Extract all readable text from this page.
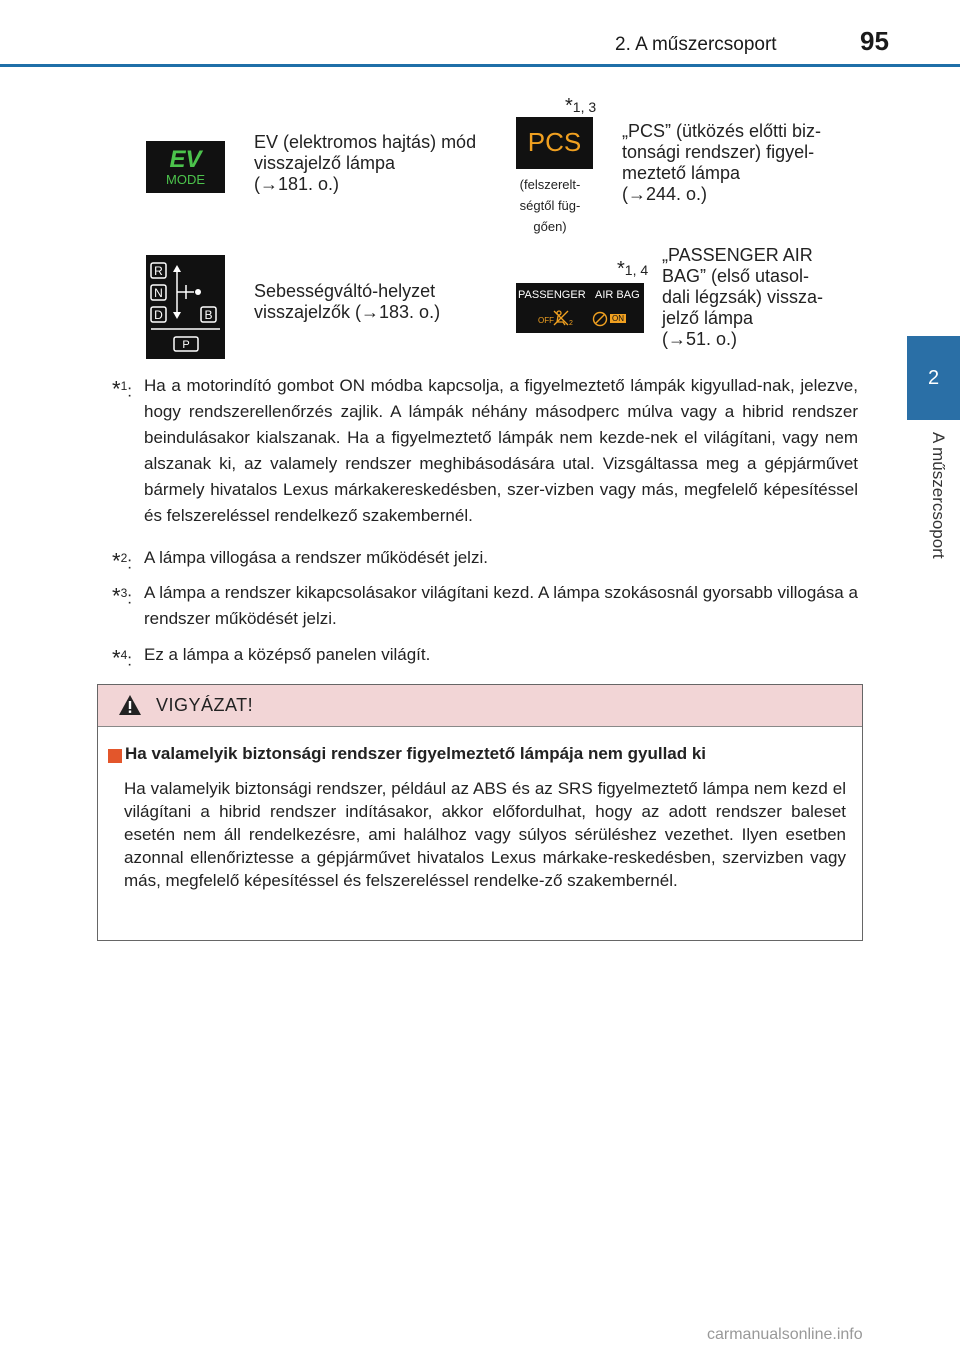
2. A műszercsoport	95
2
A műszercsoport
EV
MODE
EV (elektromos hajtás) mód
visszajelző lámpa
(→181. o.)
*1, 3
PCS
(felszerelt-
ségtől füg-
gően)
„PCS” (ütközés előtti biz-
tonsági rendszer) figyel-
meztető lámpa
(→244. o.)
R
N
D	B
P
Sebességváltó-helyzet
visszajelzők (→183. o.)
*1, 4
PASSENGER AIR BAG
OFF 2
ON
„PASSENGER AIR
BAG” (első utasol-
dali légzsák) vissza-
jelző lámpa
(→51. o.)
*$^1$: Ha a motorindító gombot ON módba kapcsolja, a figyelmeztető lámpák kigyullad-nak, jelezve, hogy rendszerellenőrzés zajlik. A lámpák néhány másodperc múlva vagy a hibrid rendszer beindulásakor kialszanak. Ha a figyelmeztető lámpák nem kezde-nek el világítani, vagy nem alszanak ki, az valamely rendszer meghibásodására utal. Vizsgáltassa meg a gépjárművet bármely hivatalos Lexus márkakereskedésben, szer-vizben vagy más, megfelelő képesítéssel és felszereléssel rendelkező szakembernél.
*$^2$: A lámpa villogása a rendszer működését jelzi.
*$^3$: A lámpa a rendszer kikapcsolásakor világítani kezd. A lámpa szokásosnál gyorsabb villogása a rendszer működését jelzi.
*$^4$: Ez a lámpa a középső panelen világít.
VIGYÁZAT!
Ha valamelyik biztonsági rendszer figyelmeztető lámpája nem gyullad ki
Ha valamelyik biztonsági rendszer, például az ABS és az SRS figyelmeztető lámpa nem kezd el világítani a hibrid rendszer indításakor, akkor előfordulhat, hogy az adott rendszer baleset esetén nem áll rendelkezésre, ami halálhoz vagy súlyos sérüléshez vezethet. Ilyen esetben azonnal ellenőriztesse a gépjárművet hivatalos Lexus márkake-reskedésben, szervizben vagy más, megfelelő képesítéssel és felszereléssel rendelke-ző szakembernél.
carmanualsonline.info
